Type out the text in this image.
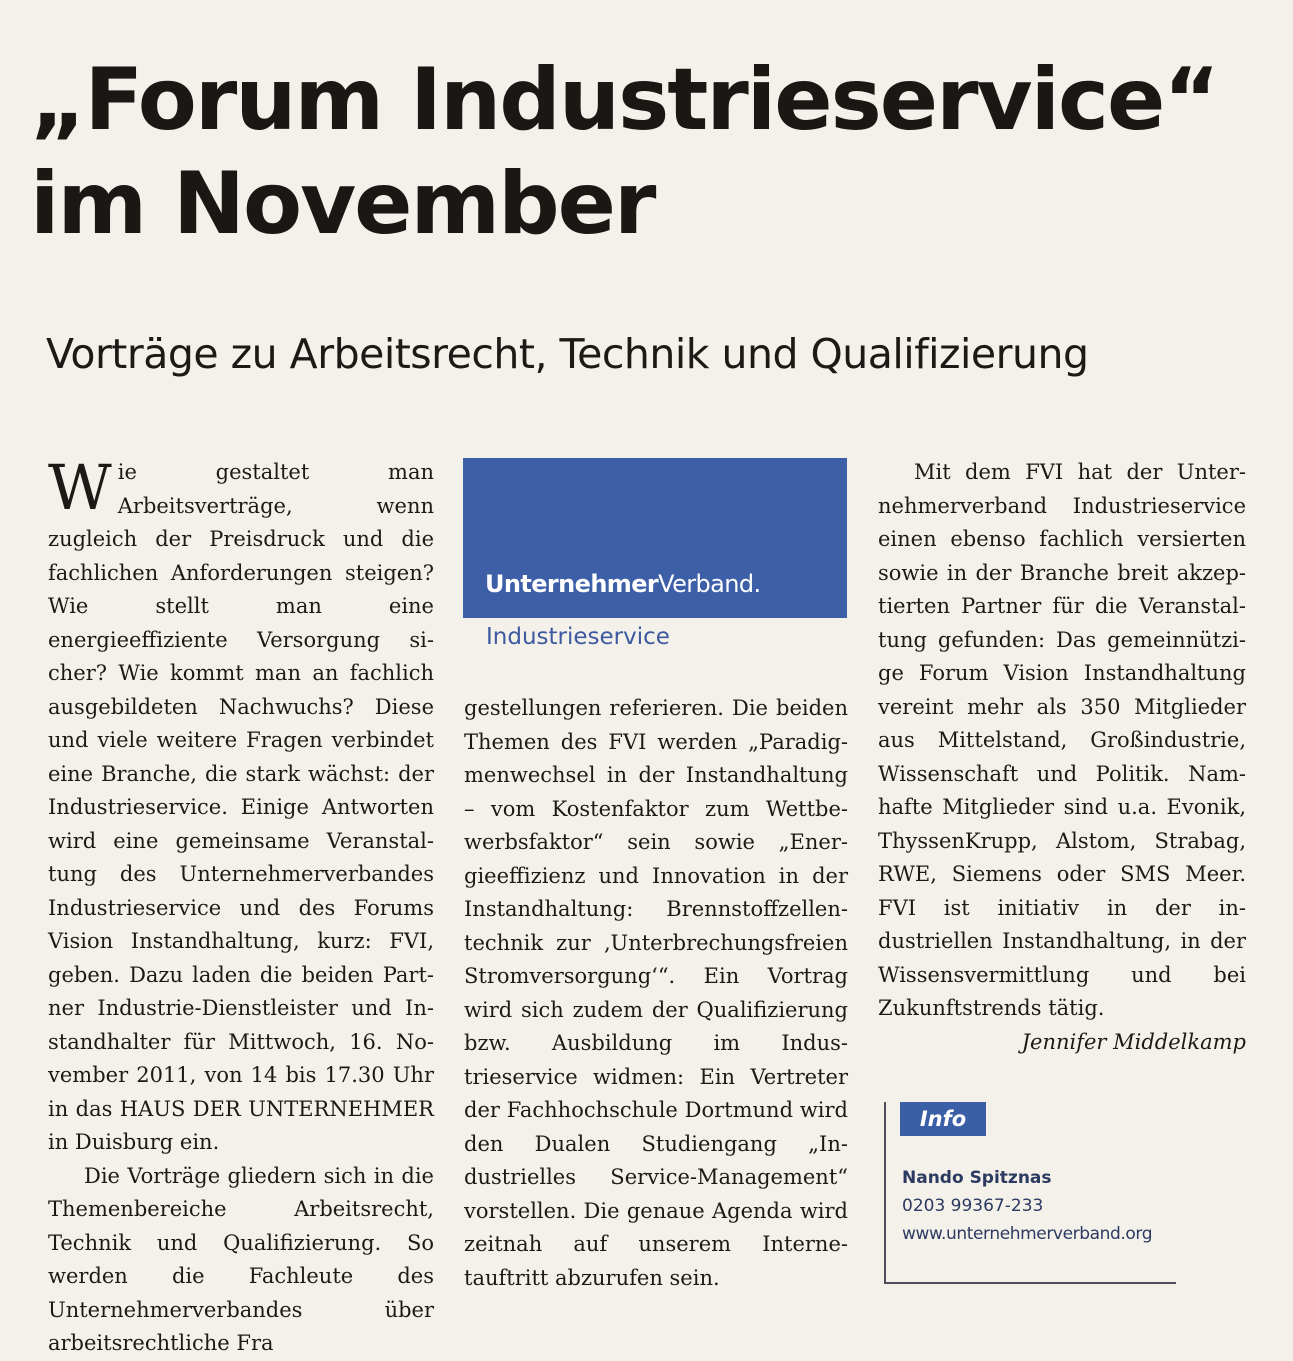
„Forum Industrieservice“
im November
Vorträge zu Arbeitsrecht, Technik und Qualifizierung

Wie gestaltet man Arbeitsverträge, wenn zugleich der Preisdruck und die fachlichen Anforderungen steigen? Wie stellt man eine energieeffiziente Versorgung sicher? Wie kommt man an fachlich ausgebildeten Nachwuchs? Diese und viele weitere Fragen verbindet eine Branche, die stark wächst: der Industrieservice. Einige Antworten wird eine gemeinsame Veranstaltung des Unternehmerverbandes Industrieservice und des Forums Vision Instandhaltung, kurz: FVI, geben. Dazu laden die beiden Partner Industrie-Dienstleister und Instandhalter für Mittwoch, 16. November 2011, von 14 bis 17.30 Uhr in das HAUS DER UNTERNEHMER in Duisburg ein.

Die Vorträge gliedern sich in die Themenbereiche Arbeitsrecht, Technik und Qualifizierung. So werden die Fachleute des Unternehmerverbandes über arbeitsrechtliche Fra

UnternehmerVerband.
Industrieservice

gestellungen referieren. Die beiden Themen des FVI werden „Paradigmenwechsel in der Instandhaltung – vom Kostenfaktor zum Wettbewerbsfaktor“ sein sowie „Energieeffizienz und Innovation in der Instandhaltung: Brennstoffzellentechnik zur ‚Unterbrechungsfreien Stromversorgung‘“. Ein Vortrag wird sich zudem der Qualifizierung bzw. Ausbildung im Industrieservice widmen: Ein Vertreter der Fachhochschule Dortmund wird den Dualen Studiengang „Industrielles Service-Management“ vorstellen. Die genaue Agenda wird zeitnah auf unserem Internetauftritt abzurufen sein.

Mit dem FVI hat der Unternehmerverband Industrieservice einen ebenso fachlich versierten sowie in der Branche breit akzeptierten Partner für die Veranstaltung gefunden: Das gemeinnützige Forum Vision Instandhaltung vereint mehr als 350 Mitglieder aus Mittelstand, Großindustrie, Wissenschaft und Politik. Namhafte Mitglieder sind u.a. Evonik, ThyssenKrupp, Alstom, Strabag, RWE, Siemens oder SMS Meer. FVI ist initiativ in der industriellen Instandhaltung, in der Wissensvermittlung und bei Zukunftstrends tätig.

Jennifer Middelkamp

Info
Nando Spitznas
0203 99367-233
www.unternehmerverband.org
